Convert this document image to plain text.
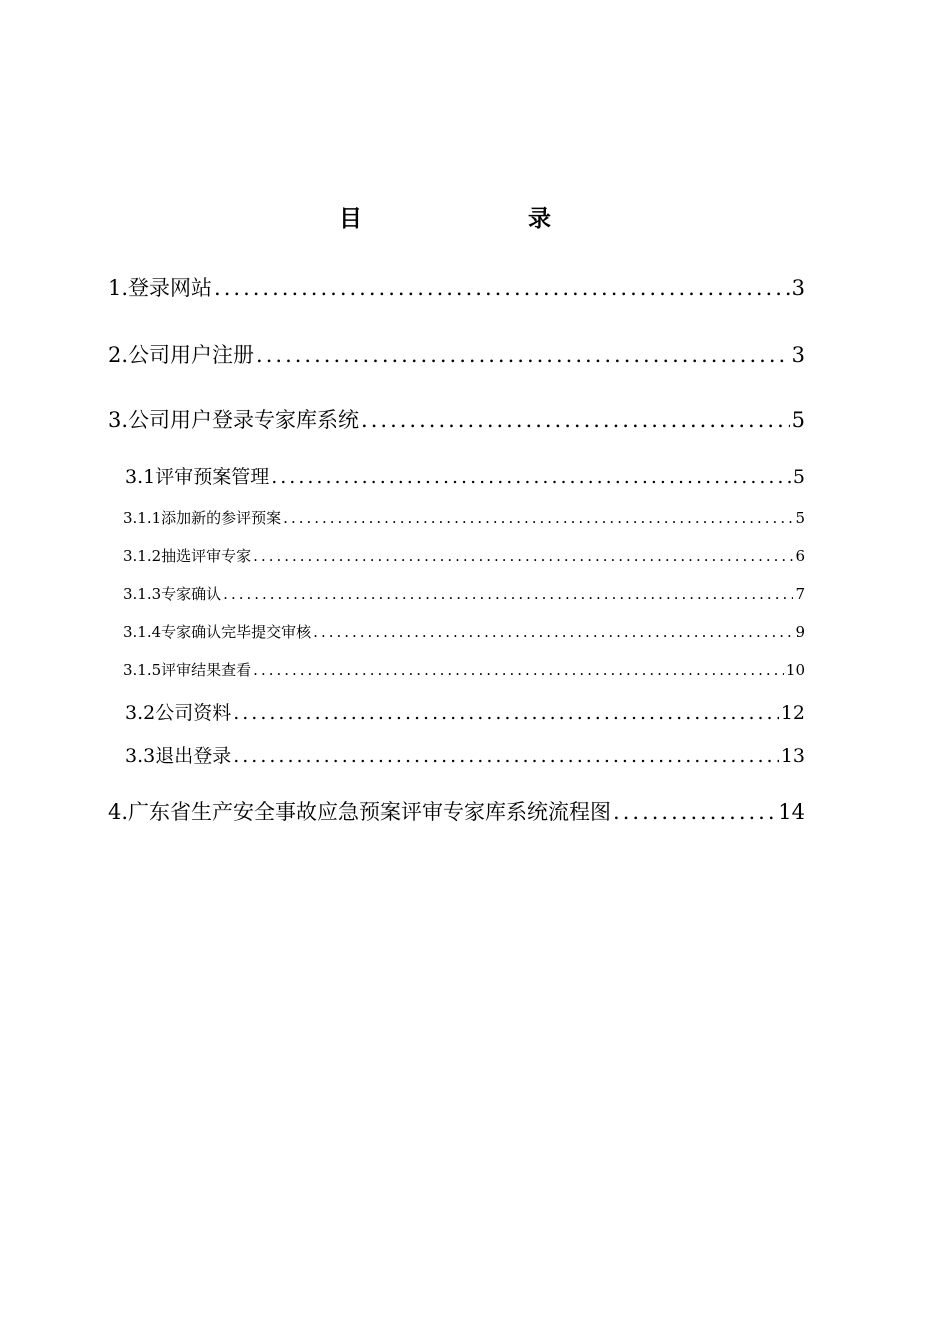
目　　录
1.登录网站 .....	3
2.公司用户注册 .....	3
3.公司用户登录专家库系统 .....	5
3.1评审预案管理 .....	5
3.1.1添加新的参评预案 .....	5
3.1.2抽选评审专家 .....	6
3.1.3专家确认 .....	7
3.1.4专家确认完毕提交审核 .....	9
3.1.5评审结果查看 .....	10
3.2公司资料 .....	12
3.3退出登录 .....	13
4.广东省生产安全事故应急预案评审专家库系统流程图 .....	14
